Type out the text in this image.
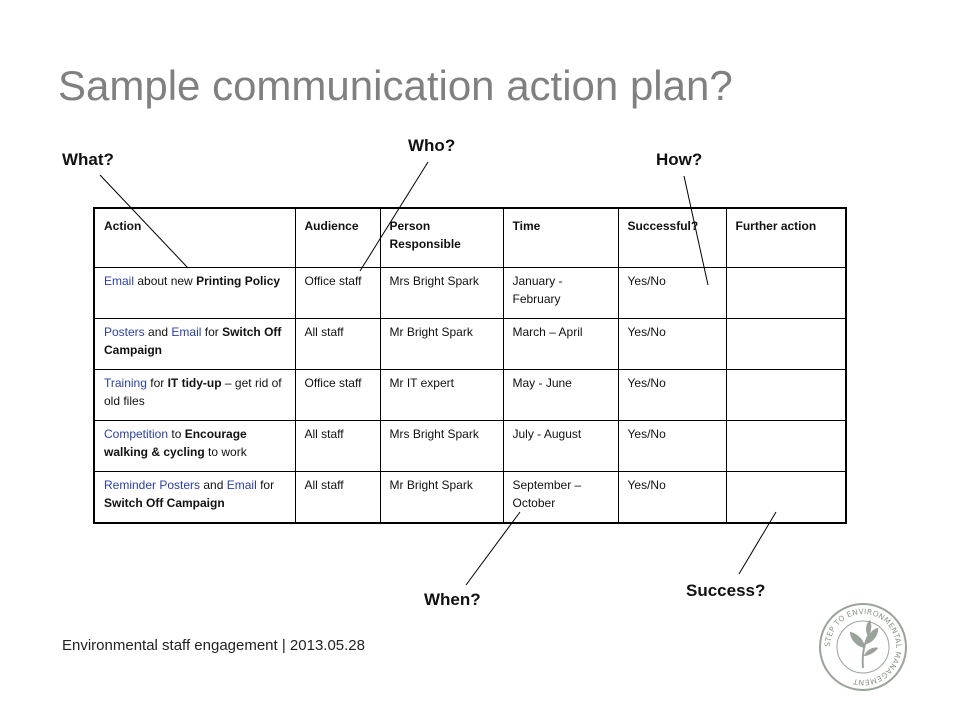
Sample communication action plan?
What?
Who?
How?
When?	Success?
Action	Audience	Person Responsible	Time	Successful?	Further action
Email about new Printing Policy	Office staff	Mrs Bright Spark	January - February	Yes/No	
Posters and Email for Switch Off Campaign	All staff	Mr Bright Spark	March – April	Yes/No	
Training for IT tidy-up – get rid of old files	Office staff	Mr IT expert	May - June	Yes/No	
Competition to Encourage walking & cycling to work	All staff	Mrs Bright Spark	July - August	Yes/No	
Reminder Posters and Email for Switch Off Campaign	All staff	Mr Bright Spark	September – October	Yes/No	
Environmental staff engagement | 2013.05.28	STEP TO ENVIRONMENTAL MANAGEMENT
